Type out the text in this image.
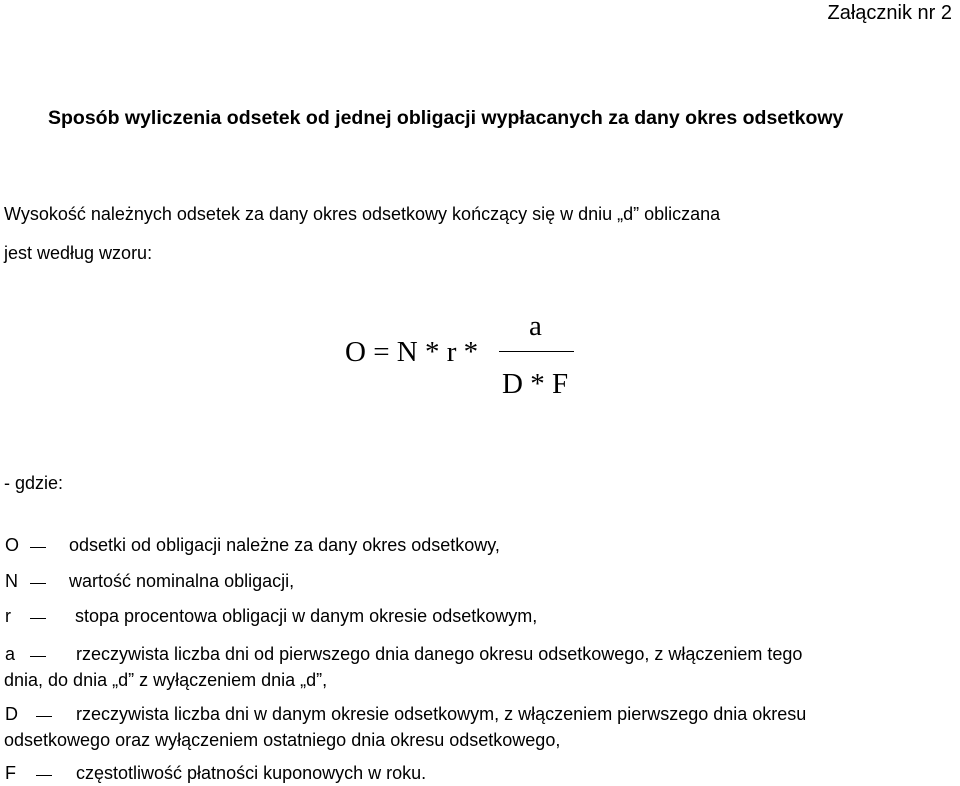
Załącznik nr 2
Sposób wyliczenia odsetek od jednej obligacji wypłacanych za dany okres odsetkowy
Wysokość należnych odsetek za dany okres odsetkowy kończący się w dniu „d” obliczana
jest według wzoru:
O = N * r *
a
D * F
- gdzie:
O	odsetki od obligacji należne za dany okres odsetkowy,
N	wartość nominalna obligacji,
r	stopa procentowa obligacji w danym okresie odsetkowym,
a	rzeczywista liczba dni od pierwszego dnia danego okresu odsetkowego, z włączeniem tego
dnia, do dnia „d” z wyłączeniem dnia „d”,
D	rzeczywista liczba dni w danym okresie odsetkowym, z włączeniem pierwszego dnia okresu
odsetkowego oraz wyłączeniem ostatniego dnia okresu odsetkowego,
F	częstotliwość płatności kuponowych w roku.
